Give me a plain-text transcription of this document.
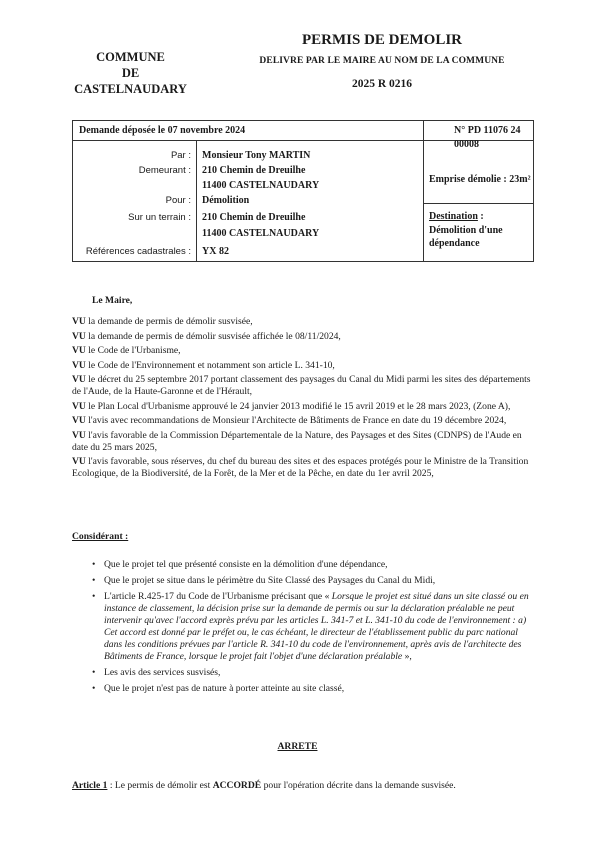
COMMUNE
DE
CASTELNAUDARY
PERMIS DE DEMOLIR
DELIVRE PAR LE MAIRE AU NOM DE LA COMMUNE
2025 R 0216
Demande déposée le 07 novembre 2024	N° PD 11076 24 00008
Par : Monsieur Tony MARTIN
Demeurant : 210 Chemin de Dreuilhe
11400 CASTELNAUDARY
Pour : Démolition
Sur un terrain : 210 Chemin de Dreuilhe
11400 CASTELNAUDARY
Références cadastrales : YX 82
Emprise démolie : 23m²
Destination : Démolition d'une dépendance
Le Maire,
VU la demande de permis de démolir susvisée,
VU la demande de permis de démolir susvisée affichée le 08/11/2024,
VU le Code de l'Urbanisme,
VU le Code de l'Environnement et notamment son article L. 341-10,
VU le décret du 25 septembre 2017 portant classement des paysages du Canal du Midi parmi les sites des départements de l'Aude, de la Haute-Garonne et de l'Hérault,
VU le Plan Local d'Urbanisme approuvé le 24 janvier 2013 modifié le 15 avril 2019 et le 28 mars 2023, (Zone A),
VU l'avis avec recommandations de Monsieur l'Architecte de Bâtiments de France en date du 19 décembre 2024,
VU l'avis favorable de la Commission Départementale de la Nature, des Paysages et des Sites (CDNPS) de l'Aude en date du 25 mars 2025,
VU l'avis favorable, sous réserves, du chef du bureau des sites et des espaces protégés pour le Ministre de la Transition Ecologique, de la Biodiversité, de la Forêt, de la Mer et de la Pêche, en date du 1er avril 2025,
Considérant :
• Que le projet tel que présenté consiste en la démolition d'une dépendance,
• Que le projet se situe dans le périmètre du Site Classé des Paysages du Canal du Midi,
• L'article R.425-17 du Code de l'Urbanisme précisant que « Lorsque le projet est situé dans un site classé ou en instance de classement, la décision prise sur la demande de permis ou sur la déclaration préalable ne peut intervenir qu'avec l'accord exprès prévu par les articles L. 341-7 et L. 341-10 du code de l'environnement : a) Cet accord est donné par le préfet ou, le cas échéant, le directeur de l'établissement public du parc national dans les conditions prévues par l'article R. 341-10 du code de l'environnement, après avis de l'architecte des Bâtiments de France, lorsque le projet fait l'objet d'une déclaration préalable »,
• Les avis des services susvisés,
• Que le projet n'est pas de nature à porter atteinte au site classé,
ARRETE
Article 1 : Le permis de démolir est ACCORDÉ pour l'opération décrite dans la demande susvisée.
